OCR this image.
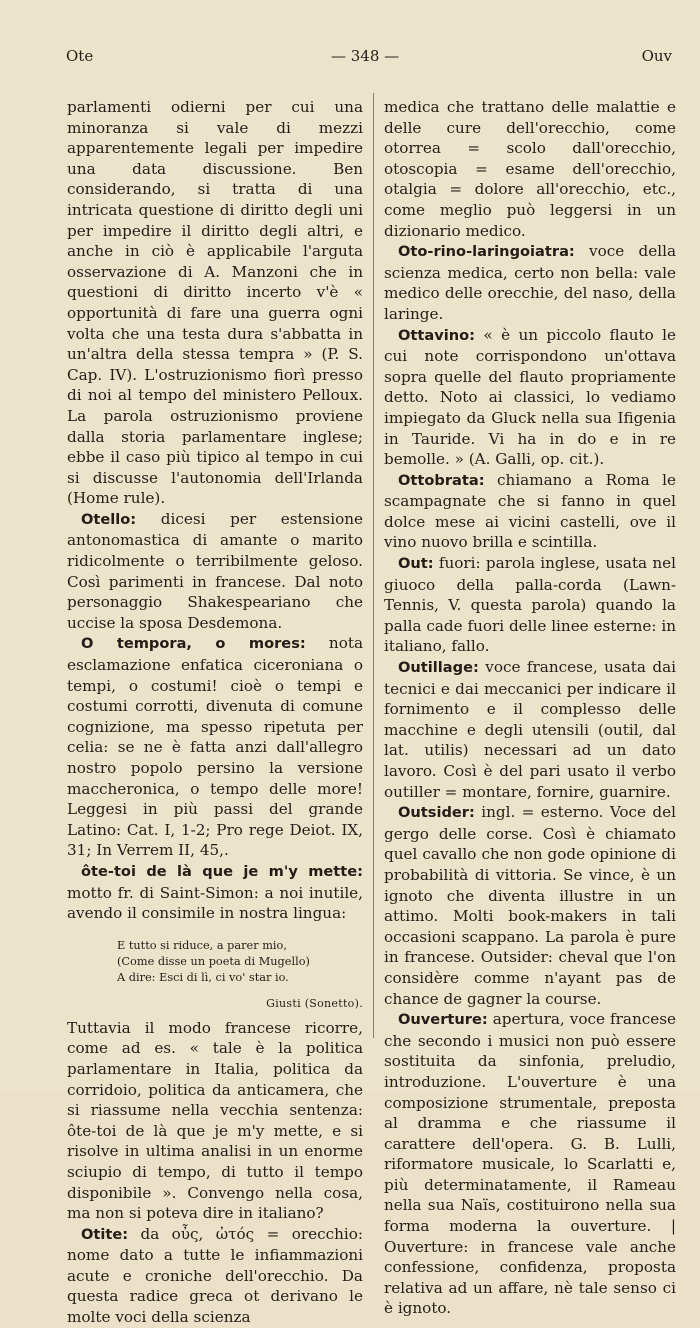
Ote	— 348 —	Ouv

parlamenti odierni per cui una minoranza si vale di mezzi apparentemente legali per impedire una data discussione. Ben considerando, si tratta di una intricata questione di diritto degli uni per impedire il diritto degli altri, e anche in ciò è applicabile l'arguta osservazione di A. Manzoni che in questioni di diritto incerto v'è « opportunità di fare una guerra ogni volta che una testa dura s'abbatta in un'altra della stessa tempra » (P. S. Cap. IV). L'ostruzionismo fiorì presso di noi al tempo del ministero Pelloux. La parola ostruzionismo proviene dalla storia parlamentare inglese; ebbe il caso più tipico al tempo in cui si discusse l'autonomia dell'Irlanda (Home rule).

Otello: dicesi per estensione antonomastica di amante o marito ridicolmente o terribilmente geloso. Così parimenti in francese. Dal noto personaggio Shakespeariano che uccise la sposa Desdemona.

O tempora, o mores: nota esclamazione enfatica ciceroniana o tempi, o costumi! cioè o tempi e costumi corrotti, divenuta di comune cognizione, ma spesso ripetuta per celia: se ne è fatta anzi dall'allegro nostro popolo persino la versione maccheronica, o tempo delle more! Leggesi in più passi del grande Latino: Cat. I, 1-2; Pro rege Deiot. IX, 31; In Verrem II, 45,.

ôte-toi de là que je m'y mette: motto fr. di Saint-Simon: a noi inutile, avendo il consimile in nostra lingua:

E tutto si riduce, a parer mio,
(Come disse un poeta di Mugello)
A dire: Esci di lì, ci vo' star io.
Giusti (Sonetto).

Tuttavia il modo francese ricorre, come ad es. « tale è la politica parlamentare in Italia, politica da corridoio, politica da anticamera, che si riassume nella vecchia sentenza: ôte-toi de là que je m'y mette, e si risolve in ultima analisi in un enorme sciupio di tempo, di tutto il tempo disponibile ». Convengo nella cosa, ma non si poteva dire in italiano?

Otite: da οὖς, ὠτός = orecchio: nome dato a tutte le infiammazioni acute e croniche dell'orecchio. Da questa radice greca ot derivano le molte voci della scienza

medica che trattano delle malattie e delle cure dell'orecchio, come otorrea = scolo dall'orecchio, otoscopia = esame dell'orecchio, otalgia = dolore all'orecchio, etc., come meglio può leggersi in un dizionario medico.

Oto-rino-laringoiatra: voce della scienza medica, certo non bella: vale medico delle orecchie, del naso, della laringe.

Ottavino: « è un piccolo flauto le cui note corrispondono un'ottava sopra quelle del flauto propriamente detto. Noto ai classici, lo vediamo impiegato da Gluck nella sua Ifigenia in Tauride. Vi ha in do e in re bemolle. » (A. Galli, op. cit.).

Ottobrata: chiamano a Roma le scampagnate che si fanno in quel dolce mese ai vicini castelli, ove il vino nuovo brilla e scintilla.

Out: fuori: parola inglese, usata nel giuoco della palla-corda (Lawn-Tennis, V. questa parola) quando la palla cade fuori delle linee esterne: in italiano, fallo.

Outillage: voce francese, usata dai tecnici e dai meccanici per indicare il fornimento e il complesso delle macchine e degli utensili (outil, dal lat. utilis) necessari ad un dato lavoro. Così è del pari usato il verbo outiller = montare, fornire, guarnire.

Outsider: ingl. = esterno. Voce del gergo delle corse. Così è chiamato quel cavallo che non gode opinione di probabilità di vittoria. Se vince, è un ignoto che diventa illustre in un attimo. Molti book-makers in tali occasioni scappano. La parola è pure in francese. Outsider: cheval que l'on considère comme n'ayant pas de chance de gagner la course.

Ouverture: apertura, voce francese che secondo i musici non può essere sostituita da sinfonia, preludio, introduzione. L'ouverture è una composizione strumentale, preposta al dramma e che riassume il carattere dell'opera. G. B. Lulli, riformatore musicale, lo Scarlatti e, più determinatamente, il Rameau nella sua Naïs, costituirono nella sua forma moderna la ouverture. | Ouverture: in francese vale anche confessione, confidenza, proposta relativa ad un affare, nè tale senso ci è ignoto.
